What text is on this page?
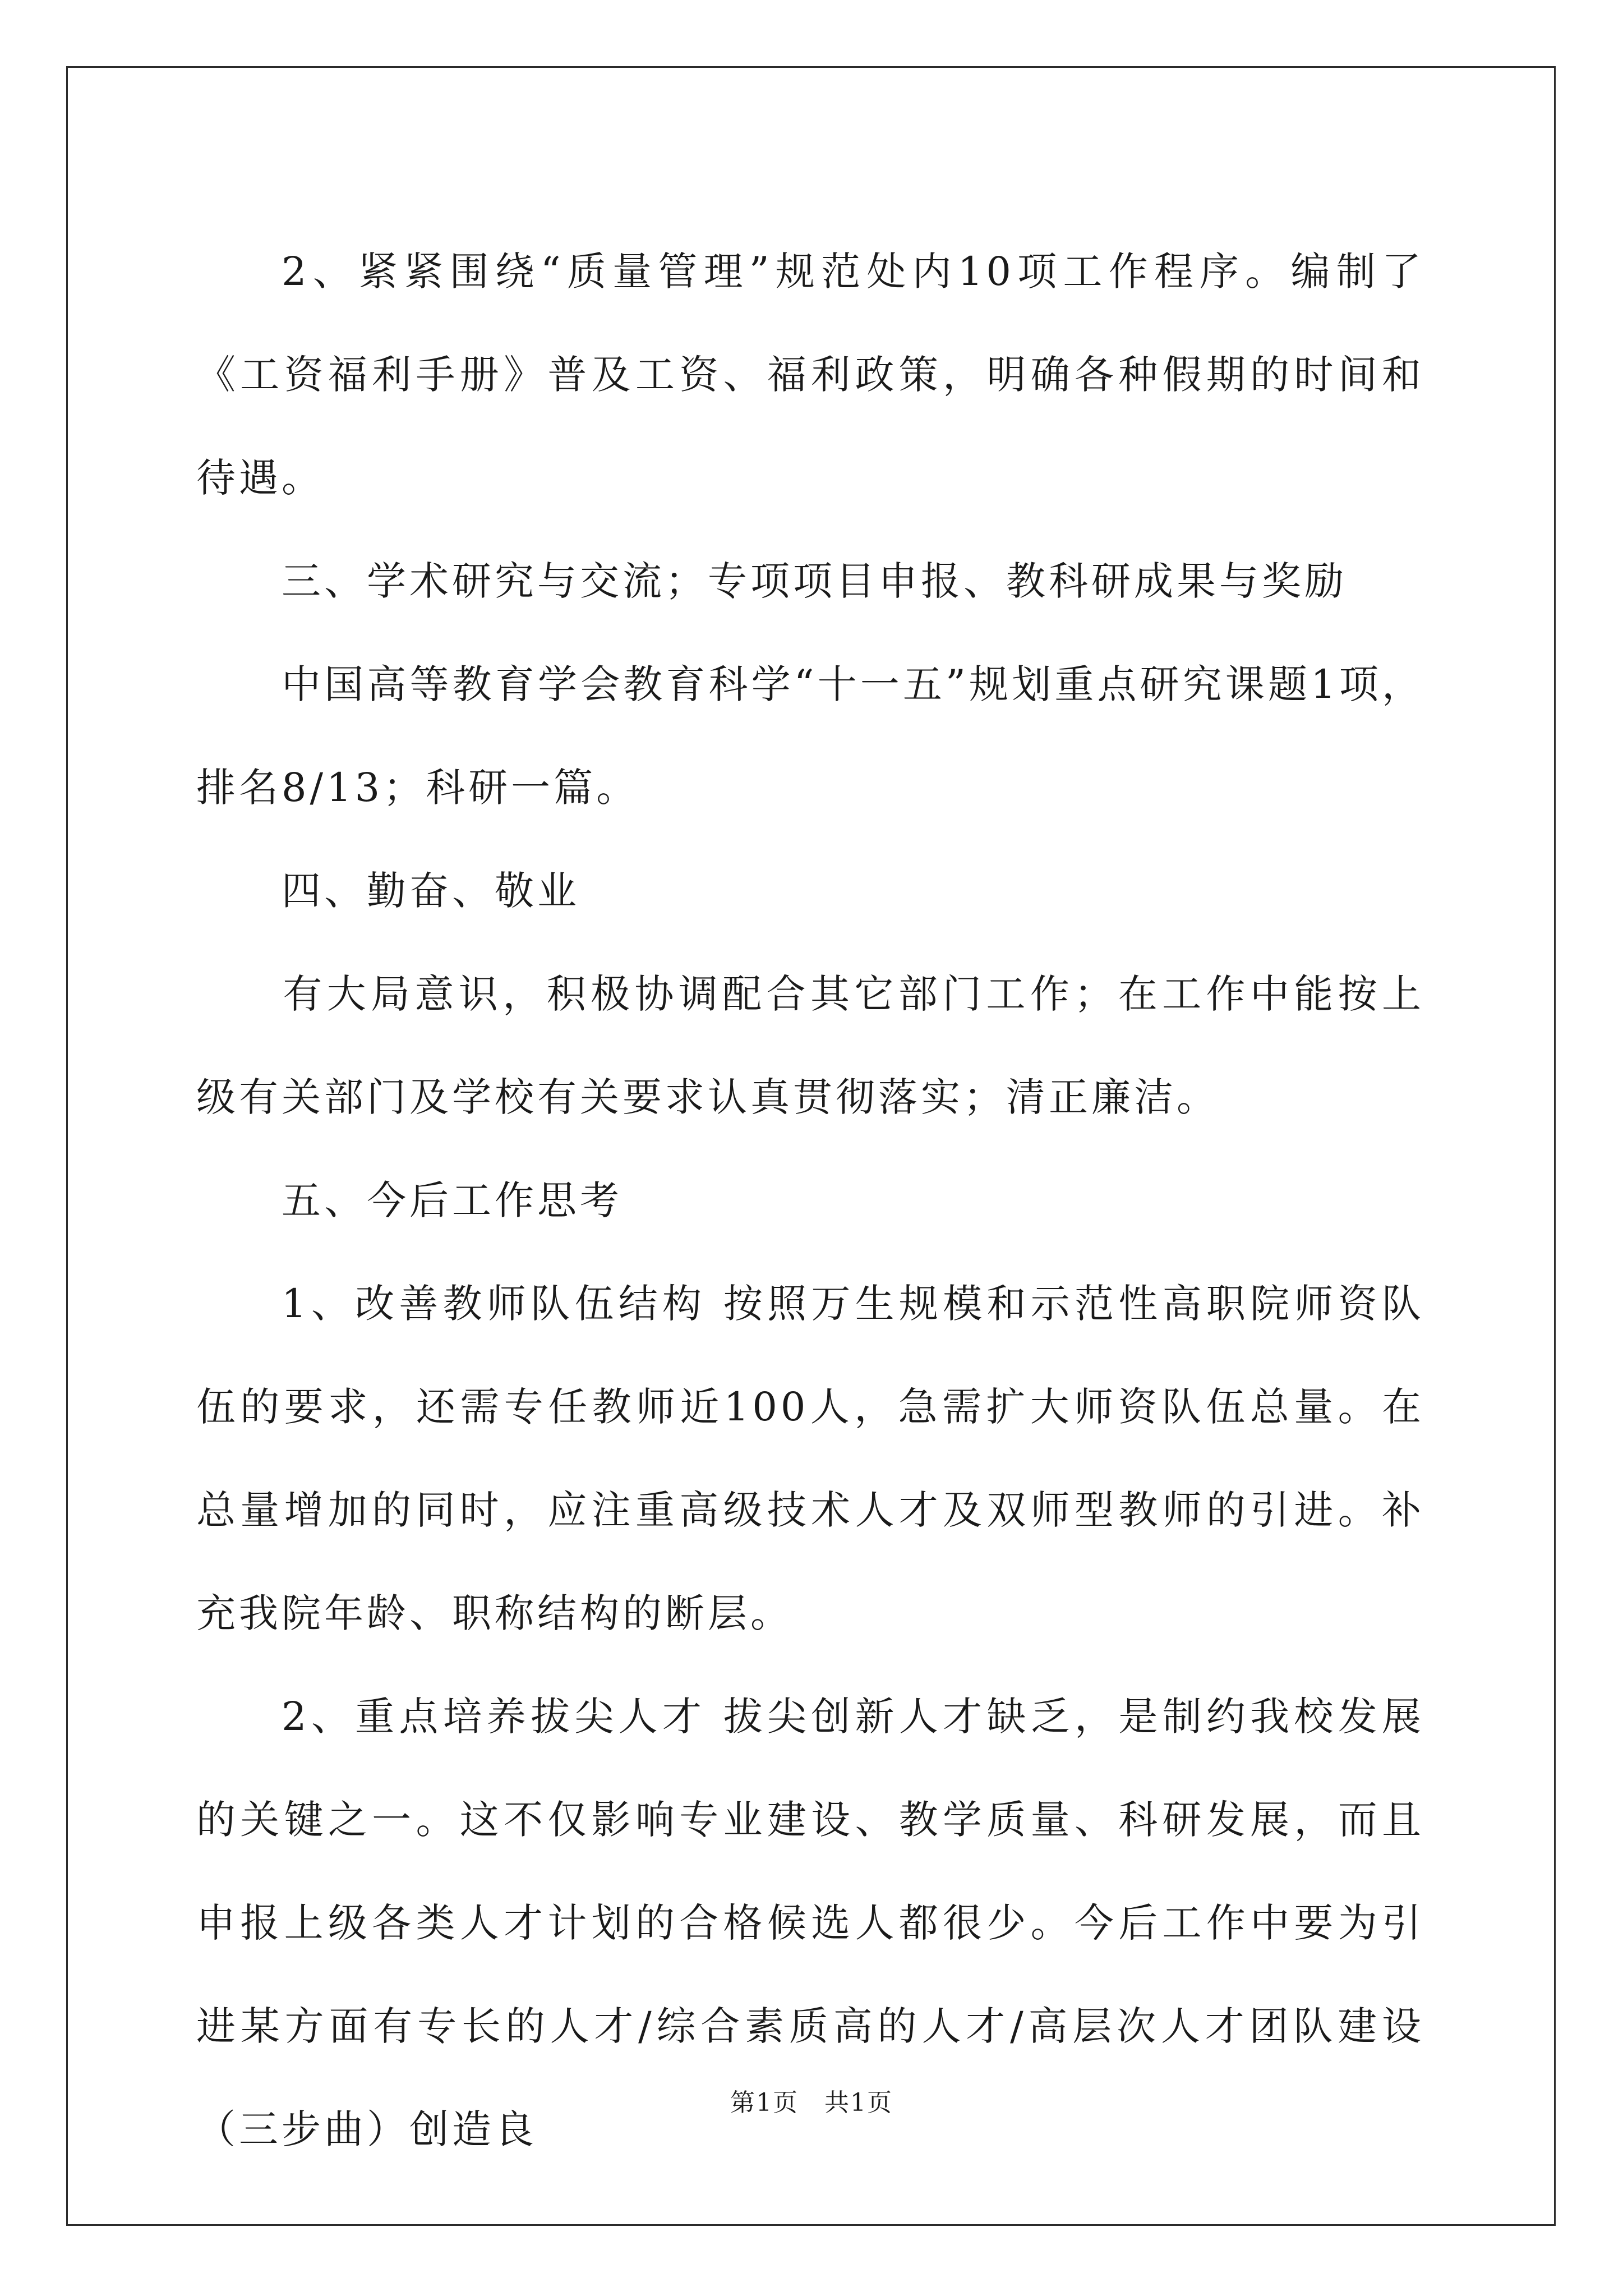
2、紧紧围绕“质量管理”规范处内10项工作程序。编制了《工资福利手册》普及工资、福利政策，明确各种假期的时间和待遇。

三、学术研究与交流；专项项目申报、教科研成果与奖励

中国高等教育学会教育科学“十一五”规划重点研究课题1项，排名8/13；科研一篇。

四、勤奋、敬业

有大局意识，积极协调配合其它部门工作；在工作中能按上级有关部门及学校有关要求认真贯彻落实；清正廉洁。

五、今后工作思考

1、改善教师队伍结构 按照万生规模和示范性高职院师资队伍的要求，还需专任教师近100人，急需扩大师资队伍总量。在总量增加的同时，应注重高级技术人才及双师型教师的引进。补充我院年龄、职称结构的断层。

2、重点培养拔尖人才 拔尖创新人才缺乏，是制约我校发展的关键之一。这不仅影响专业建设、教学质量、科研发展，而且申报上级各类人才计划的合格候选人都很少。今后工作中要为引进某方面有专长的人才/综合素质高的人才/高层次人才团队建设（三步曲）创造良

第1页　共1页
